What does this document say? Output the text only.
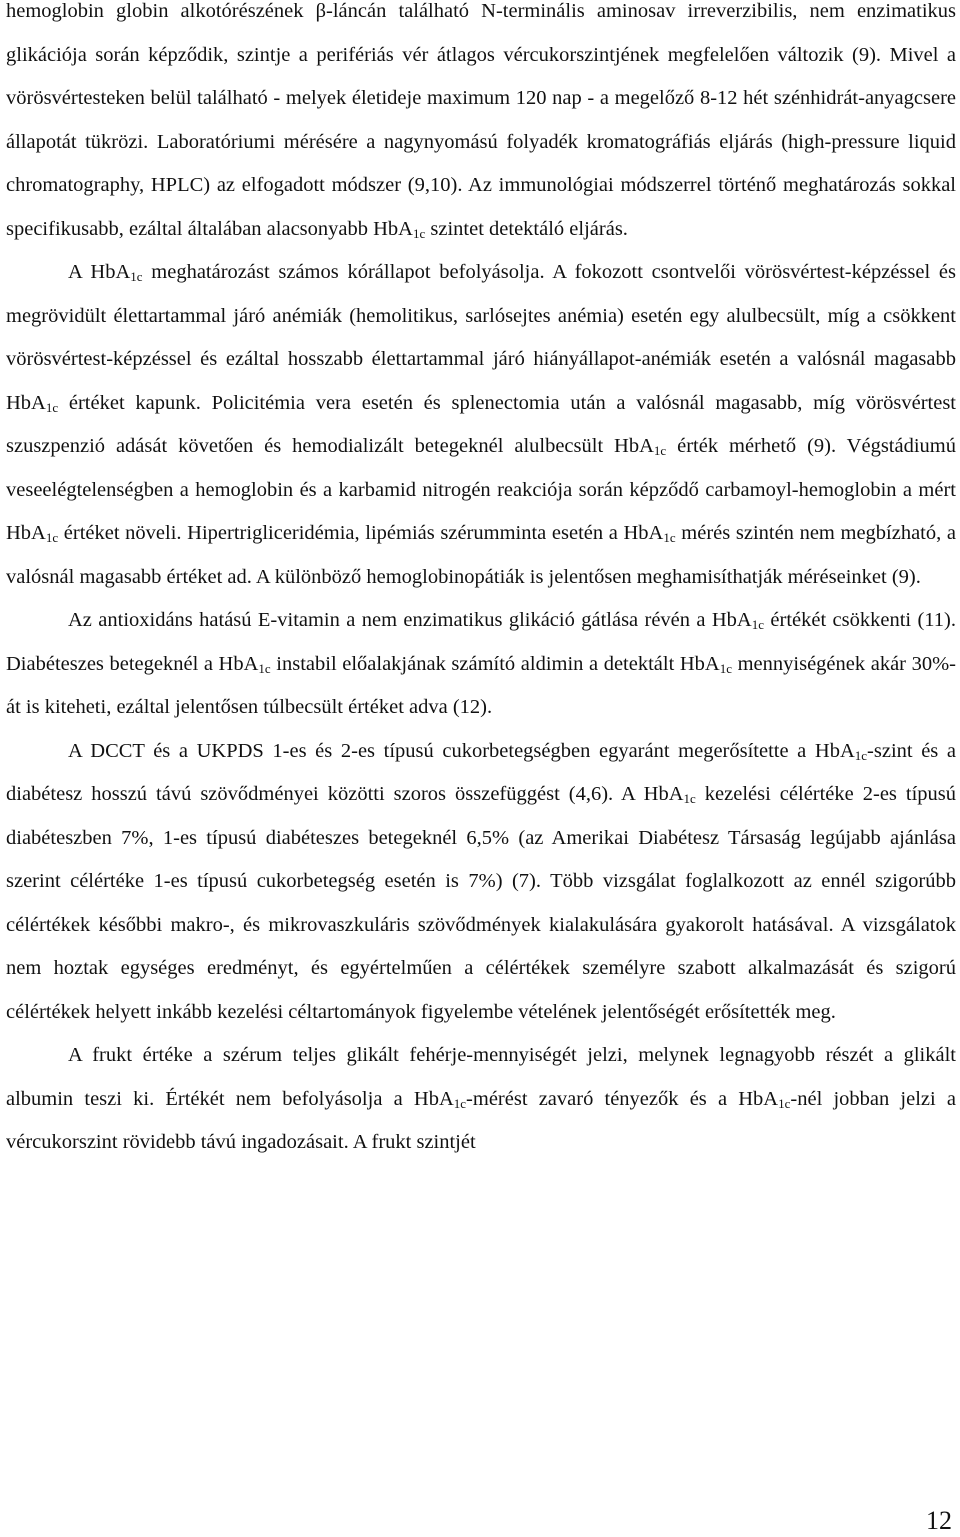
hemoglobin globin alkotórészének β-láncán található N-terminális aminosav irreverzibilis, nem enzimatikus glikációja során képződik, szintje a perifériás vér átlagos vércukorszintjének megfelelően változik (9). Mivel a vörösvértesteken belül található - melyek életideje maximum 120 nap - a megelőző 8-12 hét szénhidrát-anyagcsere állapotát tükrözi. Laboratóriumi mérésére a nagynyomású folyadék kromatográfiás eljárás (high-pressure liquid chromatography, HPLC) az elfogadott módszer (9,10). Az immunológiai módszerrel történő meghatározás sokkal specifikusabb, ezáltal általában alacsonyabb HbA$_{1c}$ szintet detektáló eljárás.

A HbA$_{1c}$ meghatározást számos kórállapot befolyásolja. A fokozott csontvelői vörösvértest-képzéssel és megrövidült élettartammal járó anémiák (hemolitikus, sarlósejtes anémia) esetén egy alulbecsült, míg a csökkent vörösvértest-képzéssel és ezáltal hosszabb élettartammal járó hiányállapot-anémiák esetén a valósnál magasabb HbA$_{1c}$ értéket kapunk. Policitémia vera esetén és splenectomia után a valósnál magasabb, míg vörösvértest szuszpenzió adását követően és hemodializált betegeknél alulbecsült HbA$_{1c}$ érték mérhető (9). Végstádiumú veseelégtelenségben a hemoglobin és a karbamid nitrogén reakciója során képződő carbamoyl-hemoglobin a mért HbA$_{1c}$ értéket növeli. Hipertrigliceridémia, lipémiás szérumminta esetén a HbA$_{1c}$ mérés szintén nem megbízható, a valósnál magasabb értéket ad. A különböző hemoglobinopátiák is jelentősen meghamisíthatják méréseinket (9).

Az antioxidáns hatású E-vitamin a nem enzimatikus glikáció gátlása révén a HbA$_{1c}$ értékét csökkenti (11). Diabéteszes betegeknél a HbA$_{1c}$ instabil előalakjának számító aldimin a detektált HbA$_{1c}$ mennyiségének akár 30%-át is kiteheti, ezáltal jelentősen túlbecsült értéket adva (12).

A DCCT és a UKPDS 1-es és 2-es típusú cukorbetegségben egyaránt megerősítette a HbA$_{1c}$-szint és a diabétesz hosszú távú szövődményei közötti szoros összefüggést (4,6). A HbA$_{1c}$ kezelési célértéke 2-es típusú diabéteszben 7%, 1-es típusú diabéteszes betegeknél 6,5% (az Amerikai Diabétesz Társaság legújabb ajánlása szerint célértéke 1-es típusú cukorbetegség esetén is 7%) (7). Több vizsgálat foglalkozott az ennél szigorúbb célértékek későbbi makro-, és mikrovaszkuláris szövődmények kialakulására gyakorolt hatásával. A vizsgálatok nem hoztak egységes eredményt, és egyértelműen a célértékek személyre szabott alkalmazását és szigorú célértékek helyett inkább kezelési céltartományok figyelembe vételének jelentőségét erősítették meg.

A frukt értéke a szérum teljes glikált fehérje-mennyiségét jelzi, melynek legnagyobb részét a glikált albumin teszi ki. Értékét nem befolyásolja a HbA$_{1c}$-mérést zavaró tényezők és a HbA$_{1c}$-nél jobban jelzi a vércukorszint rövidebb távú ingadozásait. A frukt szintjét

12
